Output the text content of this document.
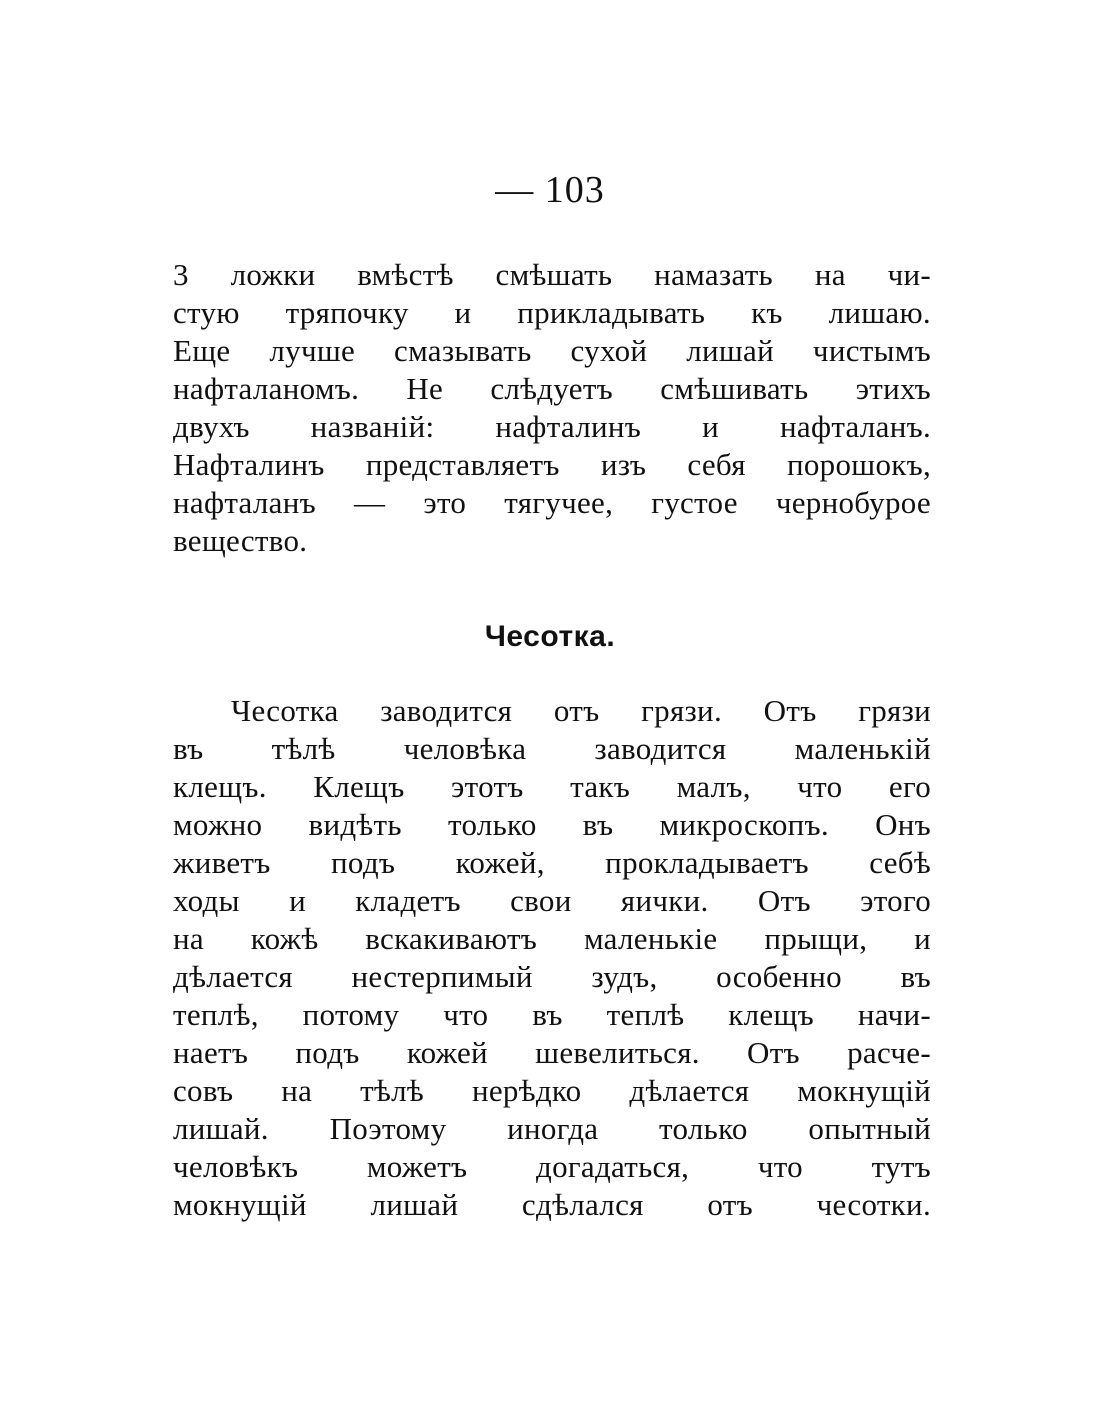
— 103
3 ложки вмѣстѣ смѣшать намазать на чи-
стую тряпочку и прикладывать къ лишаю.
Еще лучше смазывать сухой лишай чистымъ
нафталаномъ. Не слѣдуетъ смѣшивать этихъ
двухъ названій: нафталинъ и нафталанъ.
Нафталинъ представляетъ изъ себя порошокъ,
нафталанъ — это тягучее, густое чернобурое
вещество.
Чесотка.
Чесотка заводится отъ грязи. Отъ грязи
въ тѣлѣ человѣка заводится маленькій
клещъ. Клещъ этотъ такъ малъ, что его
можно видѣть только въ микроскопъ. Онъ
живетъ подъ кожей, прокладываетъ себѣ
ходы и кладетъ свои яички. Отъ этого
на кожѣ вскакиваютъ маленькіе прыщи, и
дѣлается нестерпимый зудъ, особенно въ
теплѣ, потому что въ теплѣ клещъ начи-
наетъ подъ кожей шевелиться. Отъ расче-
совъ на тѣлѣ нерѣдко дѣлается мокнущій
лишай. Поэтому иногда только опытный
человѣкъ можетъ догадаться, что тутъ
мокнущій лишай сдѣлался отъ чесотки.
